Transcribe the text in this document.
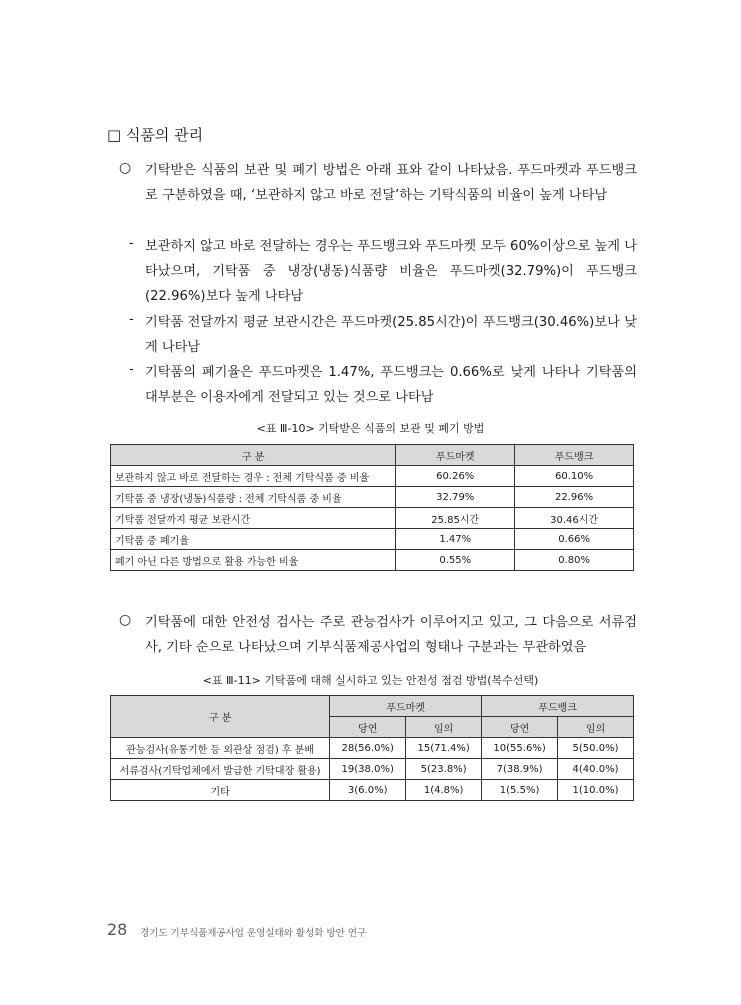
□ 식품의 관리
○ 기탁받은 식품의 보관 및 폐기 방법은 아래 표와 같이 나타났음. 푸드마켓과 푸드뱅크로 구분하였을 때, ‘보관하지 않고 바로 전달’하는 기탁식품의 비율이 높게 나타남
- 보관하지 않고 바로 전달하는 경우는 푸드뱅크와 푸드마켓 모두 60%이상으로 높게 나타났으며, 기탁품 중 냉장(냉동)식품량 비율은 푸드마켓(32.79%)이 푸드뱅크(22.96%)보다 높게 나타남
- 기탁품 전달까지 평균 보관시간은 푸드마켓(25.85시간)이 푸드뱅크(30.46%)보나 낮게 나타남
- 기탁품의 폐기율은 푸드마켓은 1.47%, 푸드뱅크는 0.66%로 낮게 나타나 기탁품의 대부분은 이용자에게 전달되고 있는 것으로 나타남
<표 Ⅲ-10> 기탁받은 식품의 보관 및 폐기 방법
구 분	푸드마켓	푸드뱅크
보관하지 않고 바로 전달하는 경우 : 전체 기탁식품 중 비율	60.26%	60.10%
기탁품 중 냉장(냉동)식품량 : 전체 기탁식품 중 비율	32.79%	22.96%
기탁품 전달까지 평균 보관시간	25.85시간	30.46시간
기탁품 중 폐기율	1.47%	0.66%
폐기 아닌 다른 방법으로 활용 가능한 비율	0.55%	0.80%
○ 기탁품에 대한 안전성 검사는 주로 관능검사가 이루어지고 있고, 그 다음으로 서류검사, 기타 순으로 나타났으며 기부식품제공사업의 형태나 구분과는 무관하였음
<표 Ⅲ-11> 기탁품에 대해 실시하고 있는 안전성 점검 방법(복수선택)
구 분	푸드마켓		푸드뱅크	
	당연	임의	당연	임의
관능검사(유통기한 등 외관상 점검) 후 분배	28(56.0%)	15(71.4%)	10(55.6%)	5(50.0%)
서류검사(기탁업체에서 발급한 기탁대장 활용)	19(38.0%)	5(23.8%)	7(38.9%)	4(40.0%)
기타	3(6.0%)	1(4.8%)	1(5.5%)	1(10.0%)
28 경기도 기부식품제공사업 운영실태와 활성화 방안 연구
